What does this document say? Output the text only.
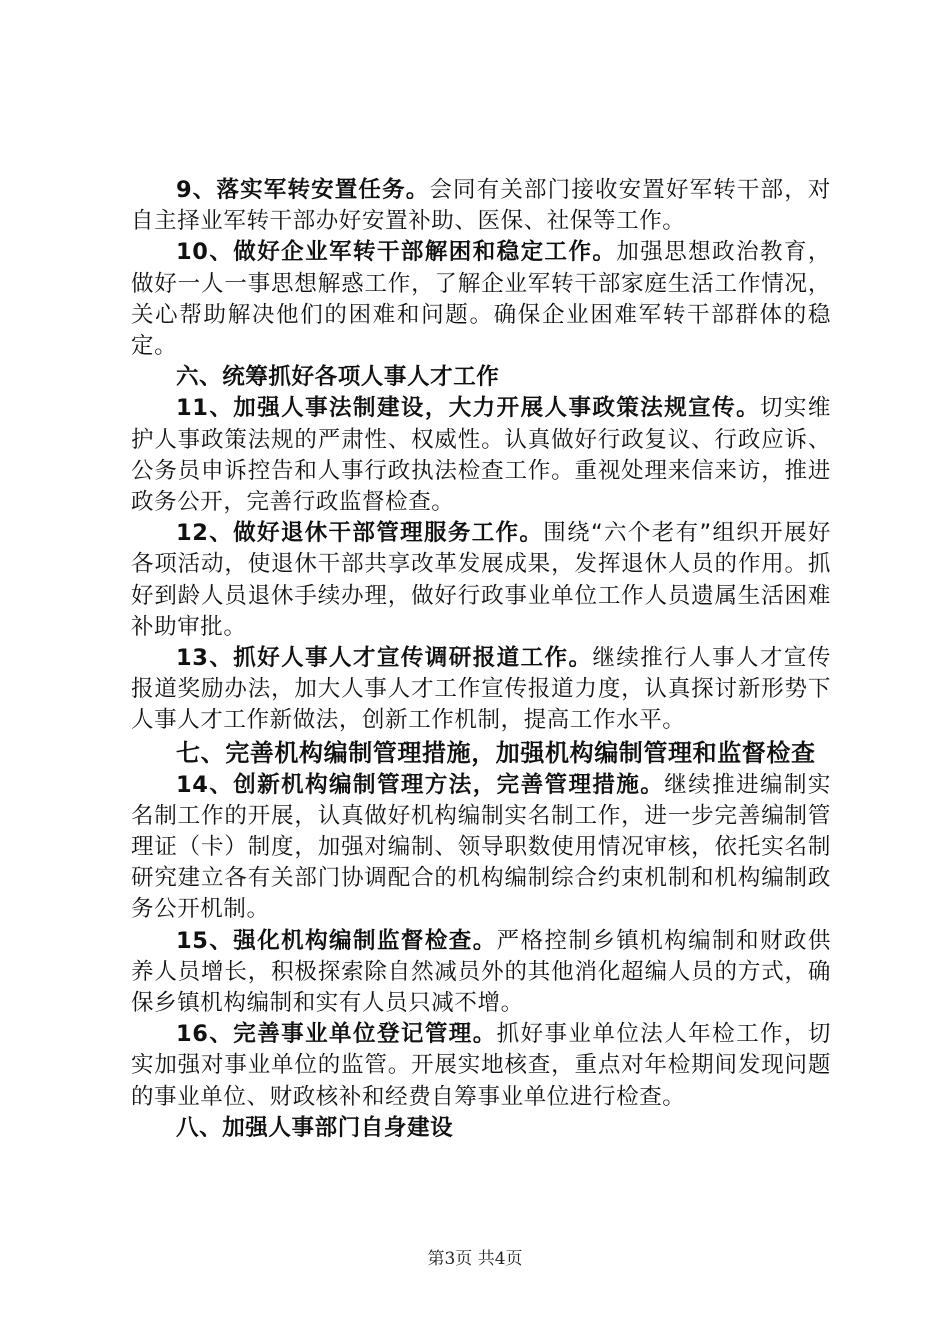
9、落实军转安置任务。会同有关部门接收安置好军转干部，对自主择业军转干部办好安置补助、医保、社保等工作。

10、做好企业军转干部解困和稳定工作。加强思想政治教育，做好一人一事思想解惑工作，了解企业军转干部家庭生活工作情况，关心帮助解决他们的困难和问题。确保企业困难军转干部群体的稳定。

六、统筹抓好各项人事人才工作

11、加强人事法制建设，大力开展人事政策法规宣传。切实维护人事政策法规的严肃性、权威性。认真做好行政复议、行政应诉、公务员申诉控告和人事行政执法检查工作。重视处理来信来访，推进政务公开，完善行政监督检查。

12、做好退休干部管理服务工作。围绕“六个老有”组织开展好各项活动，使退休干部共享改革发展成果，发挥退休人员的作用。抓好到龄人员退休手续办理，做好行政事业单位工作人员遗属生活困难补助审批。

13、抓好人事人才宣传调研报道工作。继续推行人事人才宣传报道奖励办法，加大人事人才工作宣传报道力度，认真探讨新形势下人事人才工作新做法，创新工作机制，提高工作水平。

七、完善机构编制管理措施，加强机构编制管理和监督检查

14、创新机构编制管理方法，完善管理措施。继续推进编制实名制工作的开展，认真做好机构编制实名制工作，进一步完善编制管理证（卡）制度，加强对编制、领导职数使用情况审核，依托实名制研究建立各有关部门协调配合的机构编制综合约束机制和机构编制政务公开机制。

15、强化机构编制监督检查。严格控制乡镇机构编制和财政供养人员增长，积极探索除自然减员外的其他消化超编人员的方式，确保乡镇机构编制和实有人员只减不增。

16、完善事业单位登记管理。抓好事业单位法人年检工作，切实加强对事业单位的监管。开展实地核查，重点对年检期间发现问题的事业单位、财政核补和经费自筹事业单位进行检查。

八、加强人事部门自身建设

第3页 共4页
